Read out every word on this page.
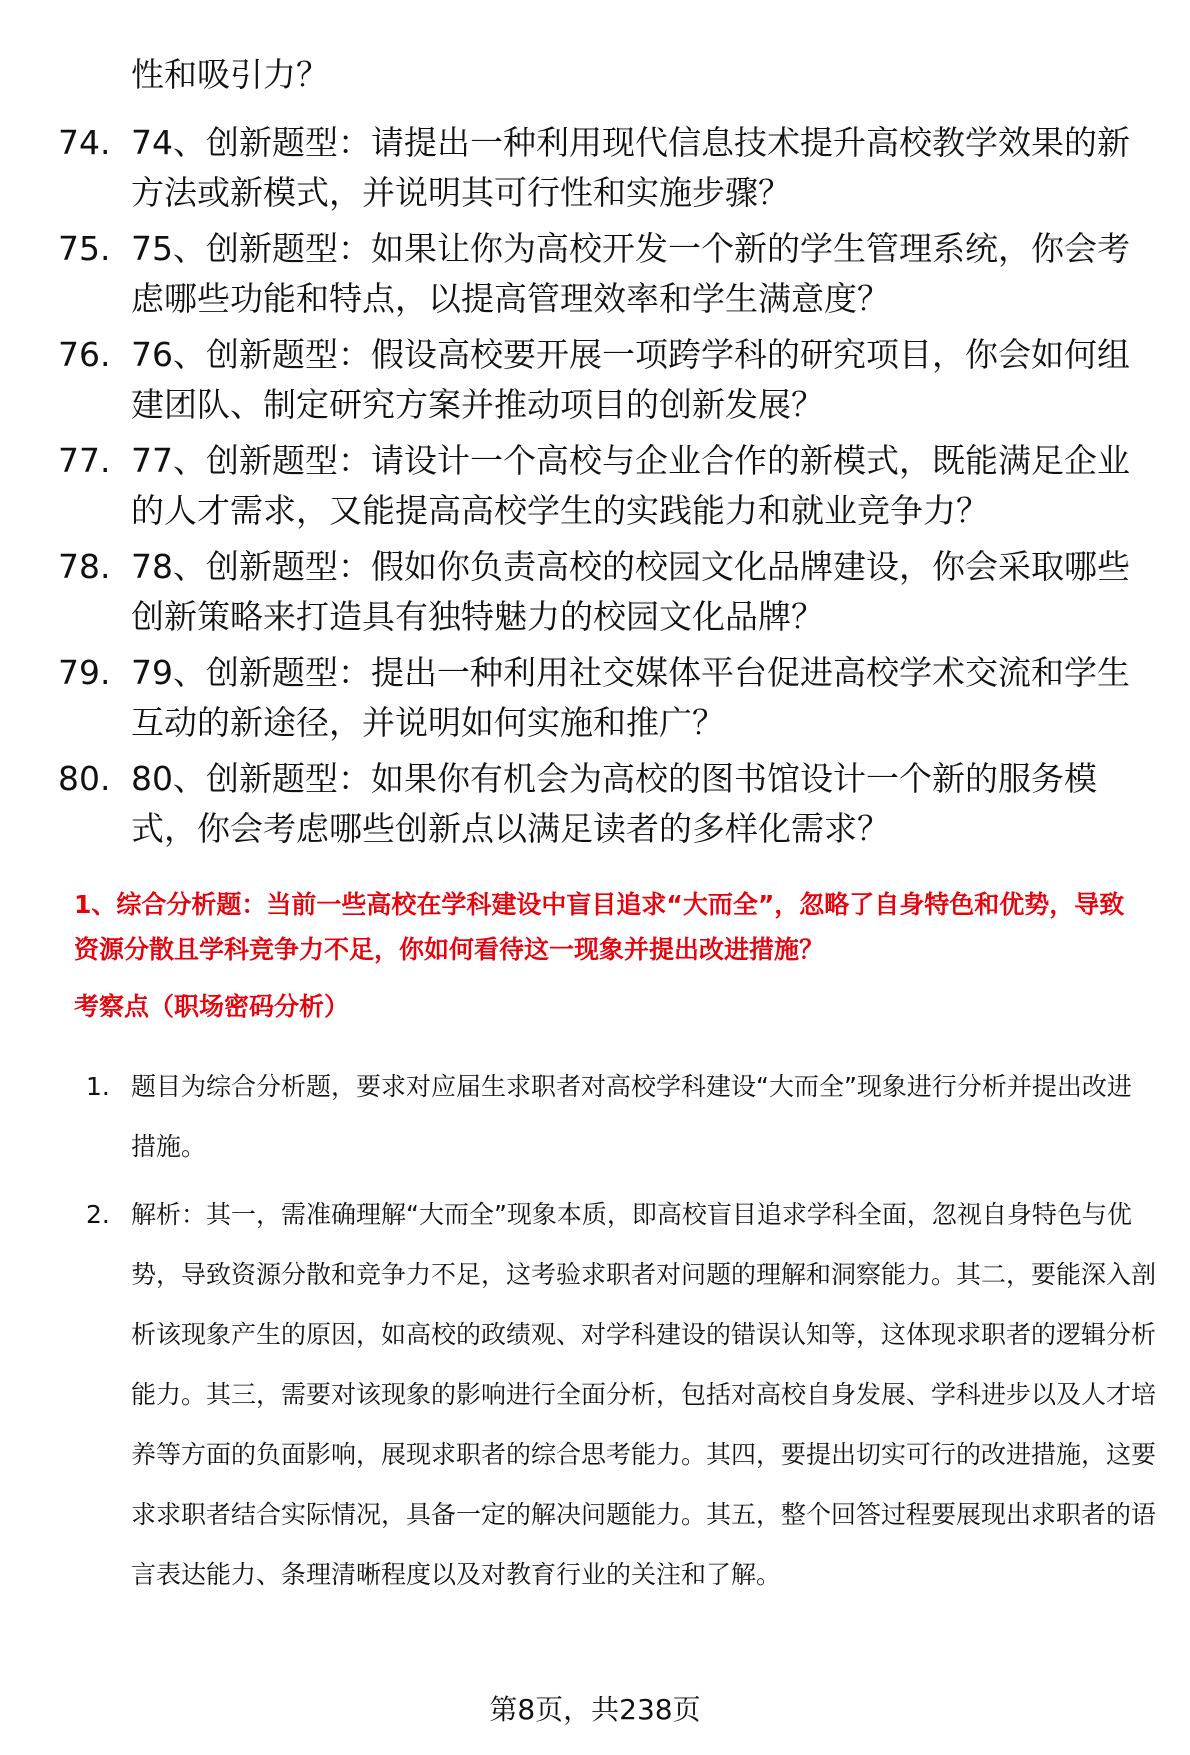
性和吸引力？
74. 74、创新题型：请提出一种利用现代信息技术提升高校教学效果的新方法或新模式，并说明其可行性和实施步骤？
75. 75、创新题型：如果让你为高校开发一个新的学生管理系统，你会考虑哪些功能和特点，以提高管理效率和学生满意度？
76. 76、创新题型：假设高校要开展一项跨学科的研究项目，你会如何组建团队、制定研究方案并推动项目的创新发展？
77. 77、创新题型：请设计一个高校与企业合作的新模式，既能满足企业的人才需求，又能提高高校学生的实践能力和就业竞争力？
78. 78、创新题型：假如你负责高校的校园文化品牌建设，你会采取哪些创新策略来打造具有独特魅力的校园文化品牌？
79. 79、创新题型：提出一种利用社交媒体平台促进高校学术交流和学生互动的新途径，并说明如何实施和推广？
80. 80、创新题型：如果你有机会为高校的图书馆设计一个新的服务模式，你会考虑哪些创新点以满足读者的多样化需求？
1、综合分析题：当前一些高校在学科建设中盲目追求“大而全”，忽略了自身特色和优势，导致资源分散且学科竞争力不足，你如何看待这一现象并提出改进措施？
考察点（职场密码分析）
1. 题目为综合分析题，要求对应届生求职者对高校学科建设“大而全”现象进行分析并提出改进措施。
2. 解析：其一，需准确理解“大而全”现象本质，即高校盲目追求学科全面，忽视自身特色与优势，导致资源分散和竞争力不足，这考验求职者对问题的理解和洞察能力。其二，要能深入剖析该现象产生的原因，如高校的政绩观、对学科建设的错误认知等，这体现求职者的逻辑分析能力。其三，需要对该现象的影响进行全面分析，包括对高校自身发展、学科进步以及人才培养等方面的负面影响，展现求职者的综合思考能力。其四，要提出切实可行的改进措施，这要求求职者结合实际情况，具备一定的解决问题能力。其五，整个回答过程要展现出求职者的语言表达能力、条理清晰程度以及对教育行业的关注和了解。
第8页，共238页
